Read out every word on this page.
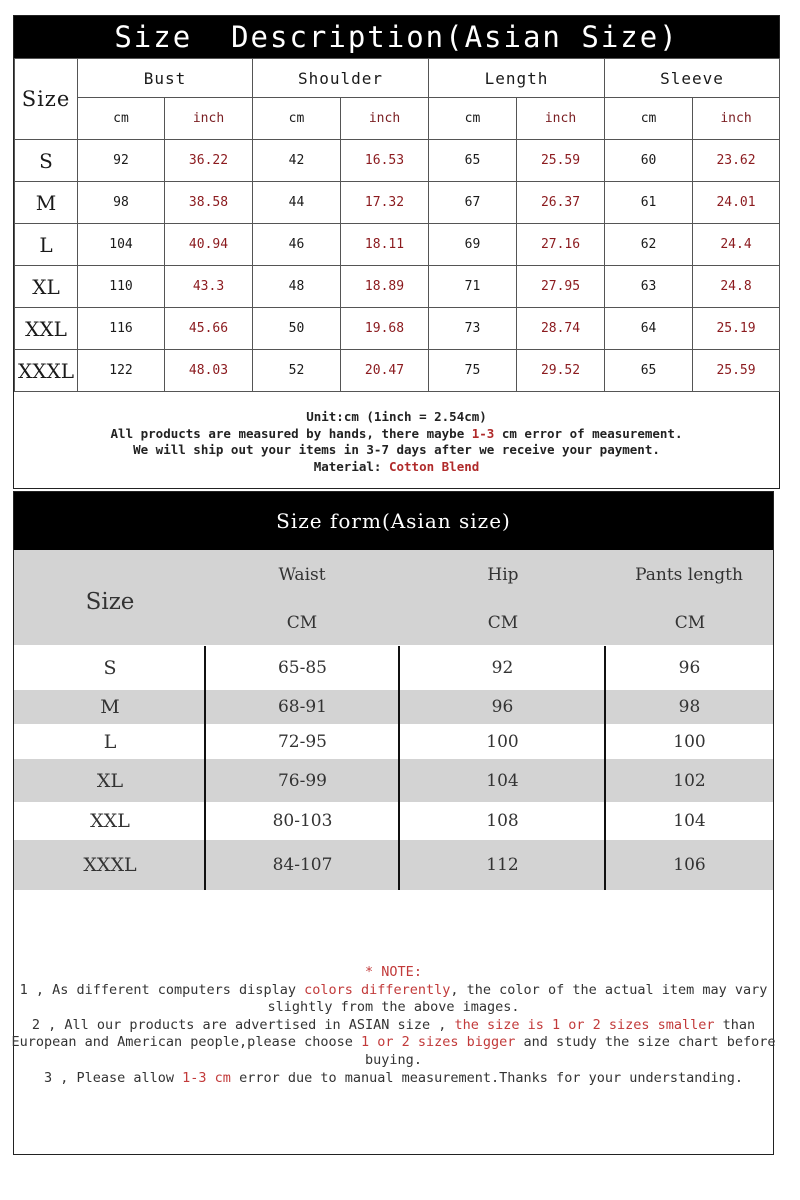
Size  Description(Asian Size)
Size	Bust		Shoulder		Length		Sleeve	
	cm	inch	cm	inch	cm	inch	cm	inch
S	92	36.22	42	16.53	65	25.59	60	23.62
M	98	38.58	44	17.32	67	26.37	61	24.01
L	104	40.94	46	18.11	69	27.16	62	24.4
XL	110	43.3	48	18.89	71	27.95	63	24.8
XXL	116	45.66	50	19.68	73	28.74	64	25.19
XXXL	122	48.03	52	20.47	75	29.52	65	25.59
Unit:cm (1inch = 2.54cm)
All products are measured by hands, there maybe 1-3 cm error of measurement.
We will ship out your items in 3-7 days after we receive your payment.
Material: Cotton Blend
Size form(Asian size)
Size
Waist	Hip	Pants length
CM	CM	CM
S	65-85	92	96
M	68-91	96	98
L	72-95	100	100
XL	76-99	104	102
XXL	80-103	108	104
XXXL	84-107	112	106
* NOTE:
1 , As different computers display colors differently, the color of the actual item may vary slightly from the above images.
2 , All our products are advertised in ASIAN size , the size is 1 or 2 sizes smaller than European and American people,please choose 1 or 2 sizes bigger and study the size chart before buying.
3 , Please allow 1-3 cm error due to manual measurement.Thanks for your understanding.
